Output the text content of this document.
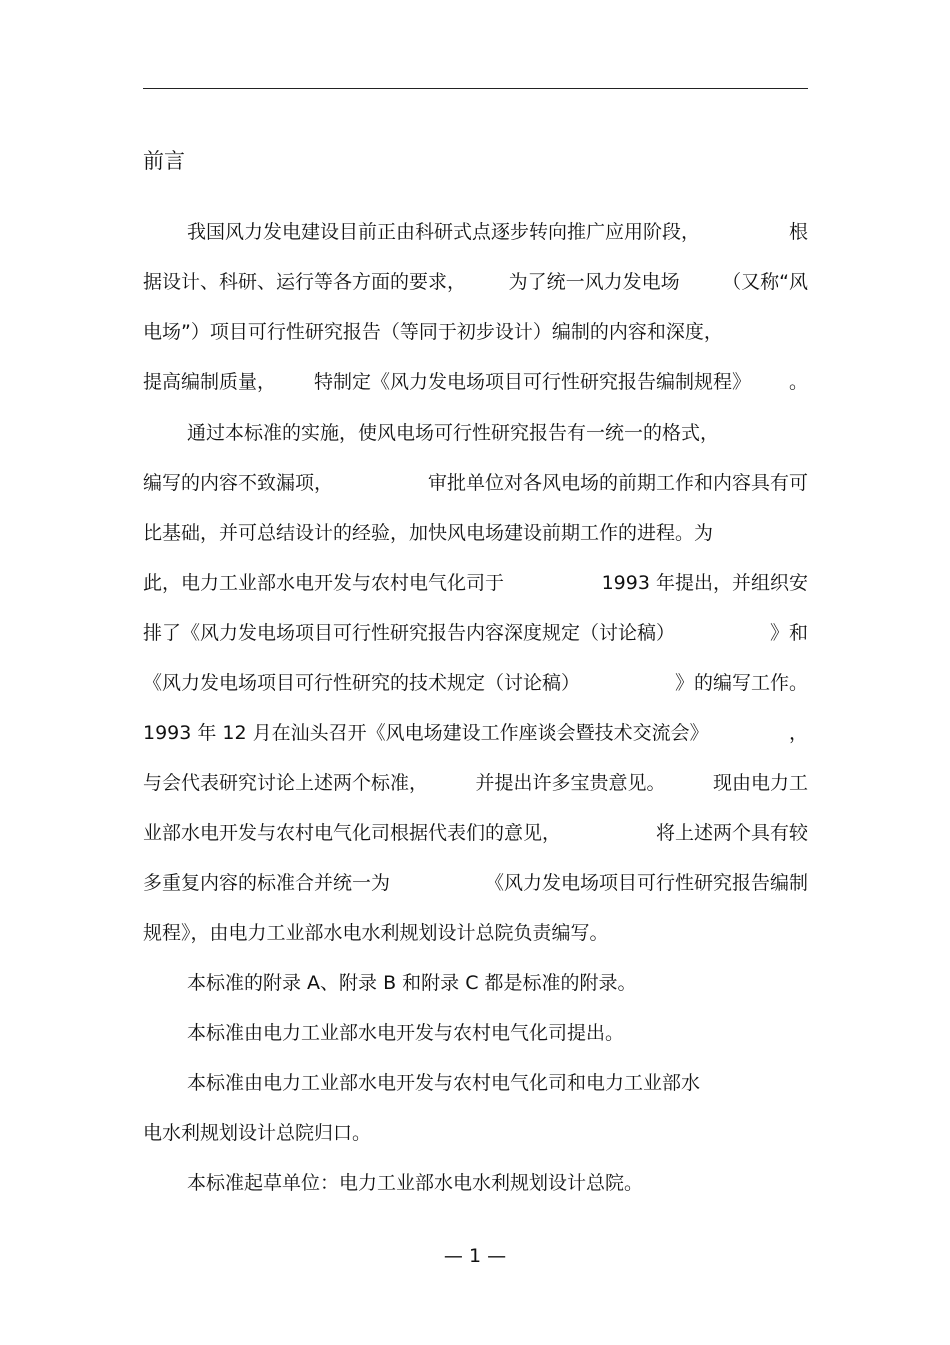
前言
我国风力发电建设目前正由科研式点逐步转向推广应用阶段，	根
据设计、科研、运行等各方面的要求， 为了统一风力发电场 （又称“风
电场”）项目可行性研究报告（等同于初步设计）编制的内容和深度，
提高编制质量， 特制定《风力发电场项目可行性研究报告编制规程》 。
通过本标准的实施，使风电场可行性研究报告有一统一的格式，
编写的内容不致漏项，	审批单位对各风电场的前期工作和内容具有可
比基础，并可总结设计的经验，加快风电场建设前期工作的进程。为
此，电力工业部水电开发与农村电气化司于	1993 年提出，并组织安
排了《风力发电场项目可行性研究报告内容深度规定（讨论稿）	》和
《风力发电场项目可行性研究的技术规定（讨论稿）	》的编写工作。
1993 年 12 月在汕头召开《风电场建设工作座谈会暨技术交流会》	，
与会代表研究讨论上述两个标准， 并提出许多宝贵意见。 现由电力工
业部水电开发与农村电气化司根据代表们的意见，	将上述两个具有较
多重复内容的标准合并统一为	《风力发电场项目可行性研究报告编制
规程》，由电力工业部水电水利规划设计总院负责编写。
本标准的附录 A、附录 B 和附录 C 都是标准的附录。
本标准由电力工业部水电开发与农村电气化司提出。
本标准由电力工业部水电开发与农村电气化司和电力工业部水
电水利规划设计总院归口。
本标准起草单位：电力工业部水电水利规划设计总院。
— 1 —
